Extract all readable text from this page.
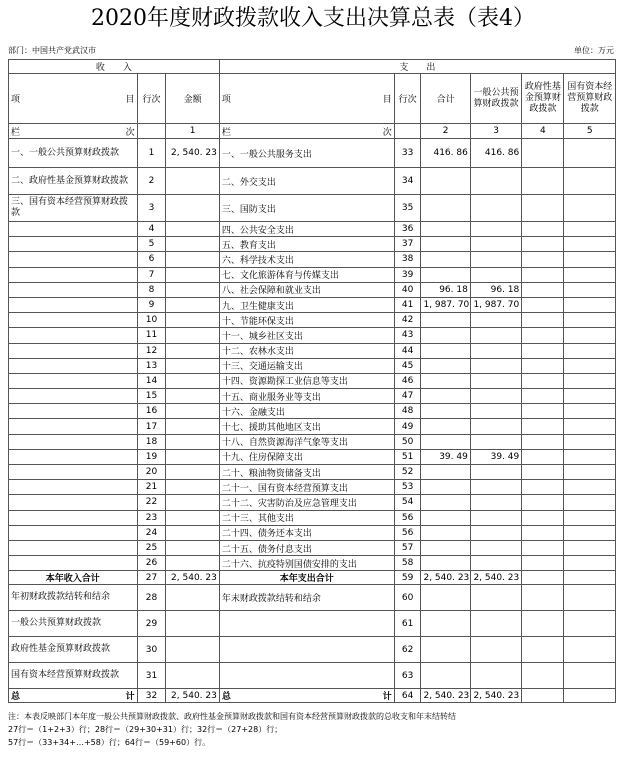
2020年度财政拨款收入支出决算总表（表4）
部门：中国共产党武汉市	单位：万元
收　　入			支　　出					

项 目	行次	金额	项 目	行次	合计	一般公共预算财政拨款	政府性基金预算财政拨款	国有资本经营预算财政拨款

栏 次		1	栏 次		2	3	4	5
一、一般公共预算财政拨款	1	2, 540. 23	一、一般公共服务支出	33	416. 86	416. 86		
二、政府性基金预算财政拨款	2		二、外交支出	34				
三、国有资本经营预算财政拨款	3		三、国防支出	35				
	4		四、公共安全支出	36				
	5		五、教育支出	37				
	6		六、科学技术支出	38				
	7		七、文化旅游体育与传媒支出	39				
	8		八、社会保障和就业支出	40	96. 18	96. 18		
	9		九、卫生健康支出	41	1, 987. 70	1, 987. 70		
	10		十、节能环保支出	42				
	11		十一、城乡社区支出	43				
	12		十二、农林水支出	44				
	13		十三、交通运输支出	45				
	14		十四、资源勘探工业信息等支出	46				
	15		十五、商业服务业等支出	47				
	16		十六、金融支出	48				
	17		十七、援助其他地区支出	49				
	18		十八、自然资源海洋气象等支出	50				
	19		十九、住房保障支出	51	39. 49	39. 49		
	20		二十、粮油物资储备支出	52				
	21		二十一、国有资本经营预算支出	53				
	22		二十二、灾害防治及应急管理支出	54				
	23		二十三、其他支出	56				
	24		二十四、债务还本支出	56				
	25		二十五、债务付息支出	57				
	26		二十六、抗疫特别国债安排的支出	58				
本年收入合计	27	2, 540. 23	本年支出合计	59	2, 540. 23	2, 540. 23		
年初财政拨款结转和结余	28		年末财政拨款结转和结余	60				
一般公共预算财政拨款	29			61				
政府性基金预算财政拨款	30			62				
国有资本经营预算财政拨款	31			63				

总 计	32	2, 540. 23	总 计	64	2, 540. 23	2, 540. 23		
注：本表反映部门本年度一般公共预算财政拨款、政府性基金预算财政拨款和国有资本经营预算财政拨款的总收支和年末结转结
27行＝（1+2+3）行；28行＝（29+30+31）行；32行＝（27+28）行；
57行＝（33+34+…+58）行；64行＝（59+60）行。
